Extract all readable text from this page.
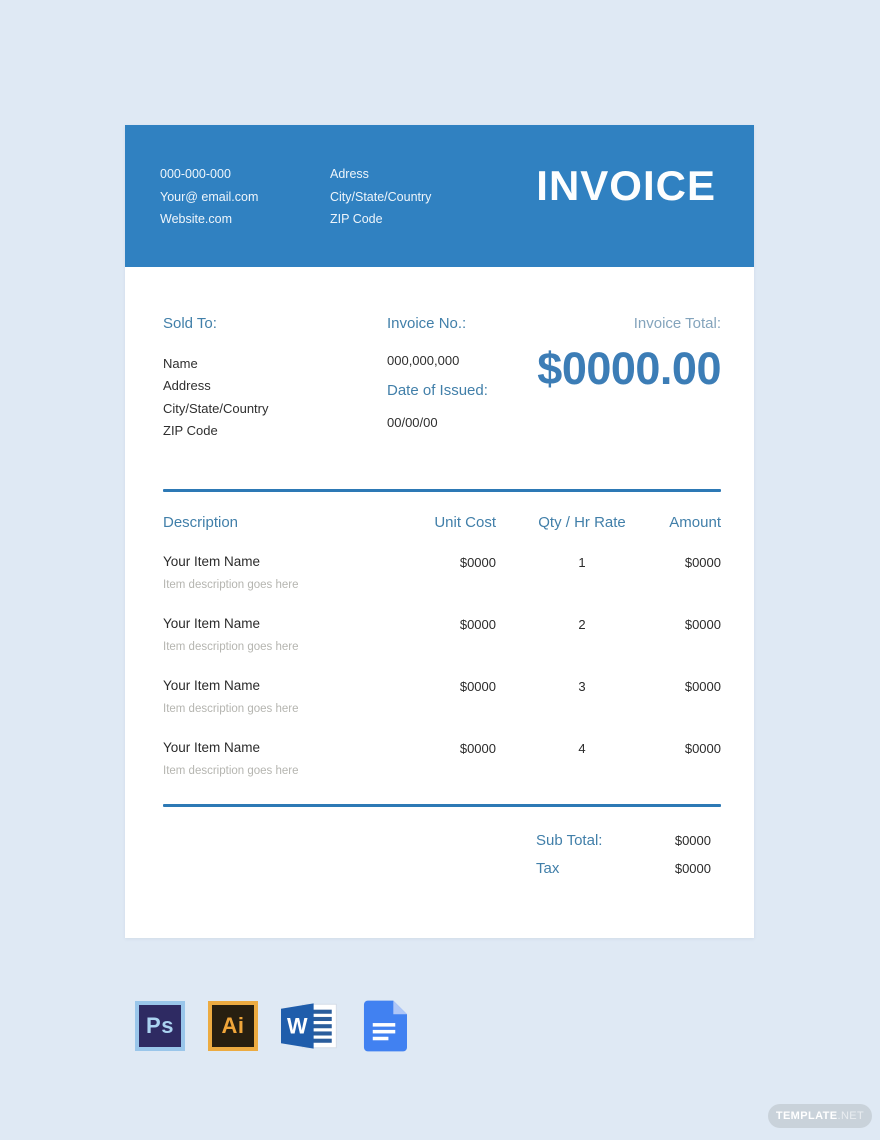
000-000-000
Your@ email.com
Website.com
Adress
City/State/Country
ZIP Code
INVOICE
Sold To:
Name
Address
City/State/Country
ZIP Code
Invoice No.:
000,000,000
Date of Issued:
00/00/00
Invoice Total:
$0000.00
Description	Unit Cost	Qty / Hr Rate	Amount
Your Item Name
Item description goes here
$0000	1	$0000
Your Item Name
Item description goes here
$0000	2	$0000
Your Item Name
Item description goes here
$0000	3	$0000
Your Item Name
Item description goes here
$0000	4	$0000
Sub Total:	$0000
Tax	$0000
Ps	Ai	W
TEMPLATE .NET
